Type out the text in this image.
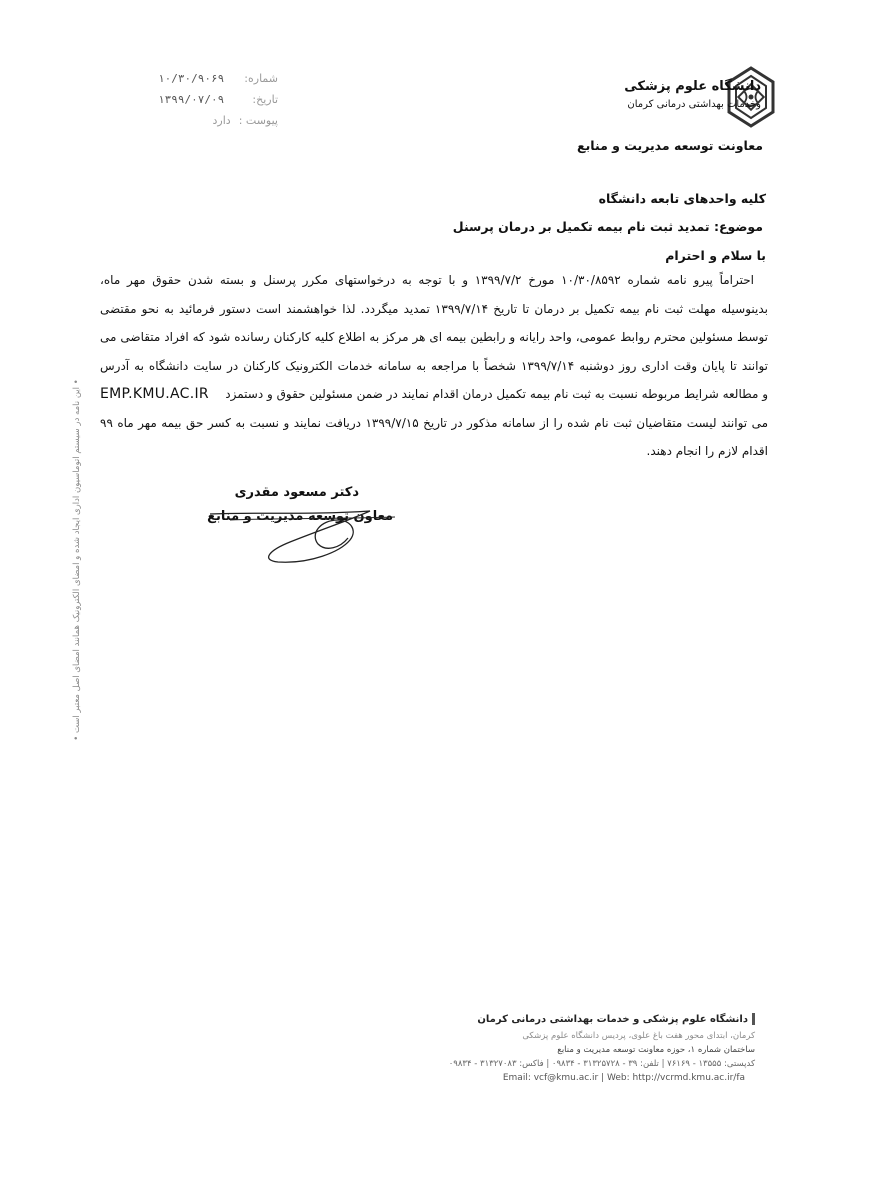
دانشگاه علوم پزشکی
وخدمات بهداشتی درمانی کرمان
معاونت توسعه مدیریت و منابع
شماره:
۱۰/۳۰/۹۰۶۹
تاریخ:
۱۳۹۹/۰۷/۰۹
پیوست :
دارد
کلیه واحدهای تابعه دانشگاه
موضوع: تمدید ثبت نام بیمه تکمیل بر درمان پرسنل
با سلام و احترام
احتراماً پیرو نامه شماره ۱۰/۳۰/۸۵۹۲ مورخ ۱۳۹۹/۷/۲ و با توجه به درخواستهای مکرر پرسنل و بسته شدن حقوق مهر ماه،
بدینوسیله مهلت ثبت نام بیمه تکمیل بر درمان تا تاریخ ۱۳۹۹/۷/۱۴ تمدید میگردد. لذا خواهشمند است دستور فرمائید به نحو مقتضی
توسط مسئولین محترم روابط عمومی، واحد رایانه و رابطین بیمه ای هر مرکز به اطلاع کلیه کارکنان رسانده شود که افراد متقاضی می
توانند تا پایان وقت اداری روز دوشنبه ۱۳۹۹/۷/۱۴ شخصاً با مراجعه به سامانه خدمات الکترونیک کارکنان در سایت دانشگاه به آدرس
و مطالعه شرایط مربوطه نسبت به ثبت نام بیمه تکمیل درمان اقدام نمایند در ضمن مسئولین حقوق و دستمزد
EMP.KMU.AC.IR
می توانند لیست متقاضیان ثبت نام شده را از سامانه مذکور در تاریخ ۱۳۹۹/۷/۱۵ دریافت نمایند و نسبت به کسر حق بیمه مهر ماه ۹۹
اقدام لازم را انجام دهند.
دکتر مسعود مقدری
معاون توسعه مدیریت و منابع
• این نامه در سیستم اتوماسیون اداری ایجاد شده و امضای الکترونیک همانند امضای اصل معتبر است •
دانشگاه علوم پزشکی و خدمات بهداشتی درمانی کرمان
کرمان، ابتدای محور هفت باغ علوی، پردیس دانشگاه علوم پزشکی
ساختمان شماره ۱، حوزه معاونت توسعه مدیریت و منابع
کدپستی: ۱۳۵۵۵ - ۷۶۱۶۹ | تلفن: ۳۹ - ۳۱۳۲۵۷۲۸ - ۰۹۸۳۴ | فاکس: ۳۱۳۲۷۰۸۳ - ۰۹۸۳۴
Email: vcf@kmu.ac.ir | Web: http://vcrmd.kmu.ac.ir/fa
